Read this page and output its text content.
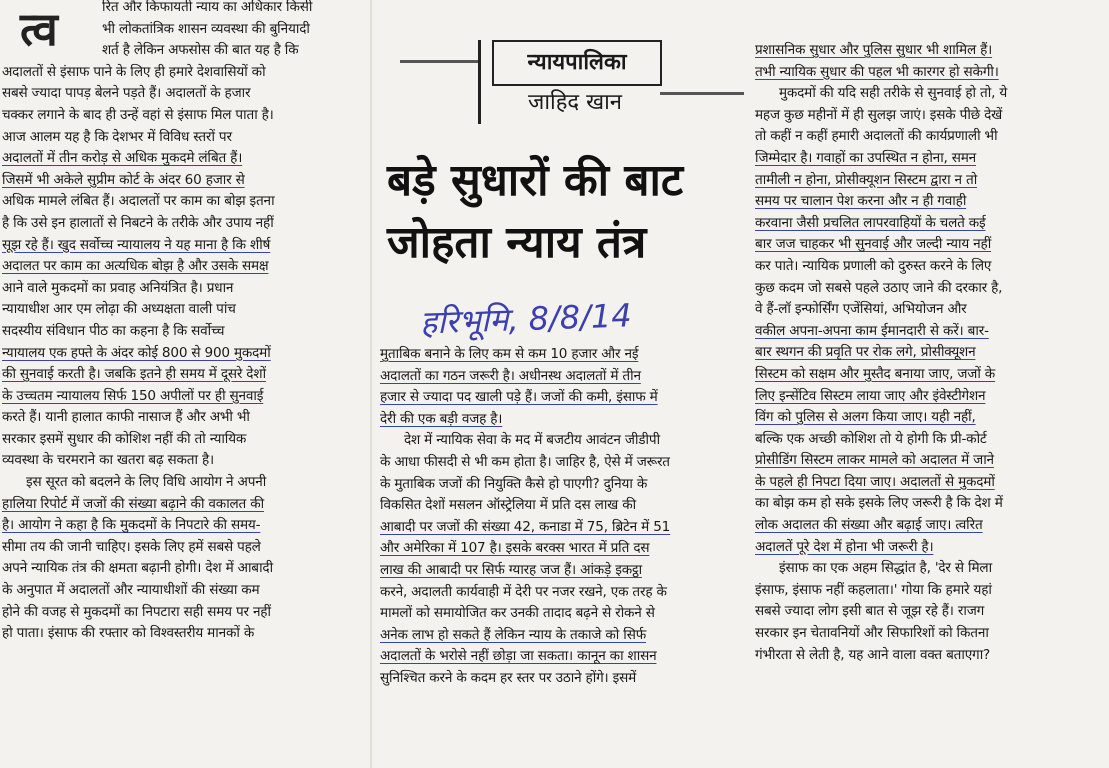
रित और किफायती न्याय का अधिकार किसी

भी लोकतांत्रिक शासन व्यवस्था की बुनियादी

शर्त है लेकिन अफसोस की बात यह है कि

अदालतों से इंसाफ पाने के लिए ही हमारे देशवासियों को

सबसे ज्यादा पापड़ बेलने पड़ते हैं। अदालतों के हजार

चक्कर लगाने के बाद ही उन्हें वहां से इंसाफ मिल पाता है।

आज आलम यह है कि देशभर में विविध स्तरों पर

अदालतों में तीन करोड़ से अधिक मुकदमे लंबित हैं।

जिसमें भी अकेले सुप्रीम कोर्ट के अंदर 60 हजार से

अधिक मामले लंबित हैं। अदालतों पर काम का बोझ इतना

है कि उसे इन हालातों से निबटने के तरीके और उपाय नहीं

सूझ रहे हैं। खुद सर्वोच्च न्यायालय ने यह माना है कि शीर्ष

अदालत पर काम का अत्यधिक बोझ है और उसके समक्ष

आने वाले मुकदमों का प्रवाह अनियंत्रित है। प्रधान

न्यायाधीश आर एम लोढ़ा की अध्यक्षता वाली पांच

सदस्यीय संविधान पीठ का कहना है कि सर्वोच्च

न्यायालय एक हफ्ते के अंदर कोई 800 से 900 मुकदमों

की सुनवाई करती है। जबकि इतने ही समय में दूसरे देशों

के उच्चतम न्यायालय सिर्फ 150 अपीलों पर ही सुनवाई

करते हैं। यानी हालात काफी नासाज हैं और अभी भी

सरकार इसमें सुधार की कोशिश नहीं की तो न्यायिक

व्यवस्था के चरमराने का खतरा बढ़ सकता है।

इस सूरत को बदलने के लिए विधि आयोग ने अपनी

हालिया रिपोर्ट में जजों की संख्या बढ़ाने की वकालत की

है। आयोग ने कहा है कि मुकदमों के निपटारे की समय-

सीमा तय की जानी चाहिए। इसके लिए हमें सबसे पहले

अपने न्यायिक तंत्र की क्षमता बढ़ानी होगी। देश में आबादी

के अनुपात में अदालतों और न्यायाधीशों की संख्या कम

होने की वजह से मुकदमों का निपटारा सही समय पर नहीं

हो पाता। इंसाफ की रफ्तार को विश्वस्तरीय मानकों के

त्व
न्यायपालिका
जाहिद खान
बड़े सुधारों की बाट
जोहता न्याय तंत्र
हरिभूमि, 8/8/14

मुताबिक बनाने के लिए कम से कम 10 हजार और नई

अदालतों का गठन जरूरी है। अधीनस्थ अदालतों में तीन

हजार से ज्यादा पद खाली पड़े हैं। जजों की कमी, इंसाफ में

देरी की एक बड़ी वजह है।

देश में न्यायिक सेवा के मद में बजटीय आवंटन जीडीपी

के आधा फीसदी से भी कम होता है। जाहिर है, ऐसे में जरूरत

के मुताबिक जजों की नियुक्ति कैसे हो पाएगी? दुनिया के

विकसित देशों मसलन ऑस्ट्रेलिया में प्रति दस लाख की

आबादी पर जजों की संख्या 42, कनाडा में 75, ब्रिटेन में 51

और अमेरिका में 107 है। इसके बरक्स भारत में प्रति दस

लाख की आबादी पर सिर्फ ग्यारह जज हैं। आंकड़े इकट्ठा

करने, अदालती कार्यवाही में देरी पर नजर रखने, एक तरह के

मामलों को समायोजित कर उनकी तादाद बढ़ने से रोकने से

अनेक लाभ हो सकते हैं लेकिन न्याय के तकाजे को सिर्फ

अदालतों के भरोसे नहीं छोड़ा जा सकता। कानून का शासन

सुनिश्चित करने के कदम हर स्तर पर उठाने होंगे। इसमें

प्रशासनिक सुधार और पुलिस सुधार भी शामिल हैं।

तभी न्यायिक सुधार की पहल भी कारगर हो सकेगी।

मुकदमों की यदि सही तरीके से सुनवाई हो तो, ये

महज कुछ महीनों में ही सुलझ जाएं। इसके पीछे देखें

तो कहीं न कहीं हमारी अदालतों की कार्यप्रणाली भी

जिम्मेदार है। गवाहों का उपस्थित न होना, समन

तामीली न होना, प्रोसीक्यूशन सिस्टम द्वारा न तो

समय पर चालान पेश करना और न ही गवाही

करवाना जैसी प्रचलित लापरवाहियों के चलते कई

बार जज चाहकर भी सुनवाई और जल्दी न्याय नहीं

कर पाते। न्यायिक प्रणाली को दुरुस्त करने के लिए

कुछ कदम जो सबसे पहले उठाए जाने की दरकार है,

वे हैं-लॉ इन्फोर्सिंग एजेंसियां, अभियोजन और

वकील अपना-अपना काम ईमानदारी से करें। बार-

बार स्थगन की प्रवृति पर रोक लगे, प्रोसीक्यूशन

सिस्टम को सक्षम और मुस्तैद बनाया जाए, जजों के

लिए इन्सेंटिव सिस्टम लाया जाए और इंवेस्टीगेशन

विंग को पुलिस से अलग किया जाए। यही नहीं,

बल्कि एक अच्छी कोशिश तो ये होगी कि प्री-कोर्ट

प्रोसीडिंग सिस्टम लाकर मामले को अदालत में जाने

के पहले ही निपटा दिया जाए। अदालतों से मुकदमों

का बोझ कम हो सके इसके लिए जरूरी है कि देश में

लोक अदालत की संख्या और बढ़ाई जाए। त्वरित

अदालतें पूरे देश में होना भी जरूरी है।

इंसाफ का एक अहम सिद्धांत है, 'देर से मिला

इंसाफ, इंसाफ नहीं कहलाता।' गोया कि हमारे यहां

सबसे ज्यादा लोग इसी बात से जूझ रहे हैं। राजग

सरकार इन चेतावनियों और सिफारिशों को कितना

गंभीरता से लेती है, यह आने वाला वक्त बताएगा?
